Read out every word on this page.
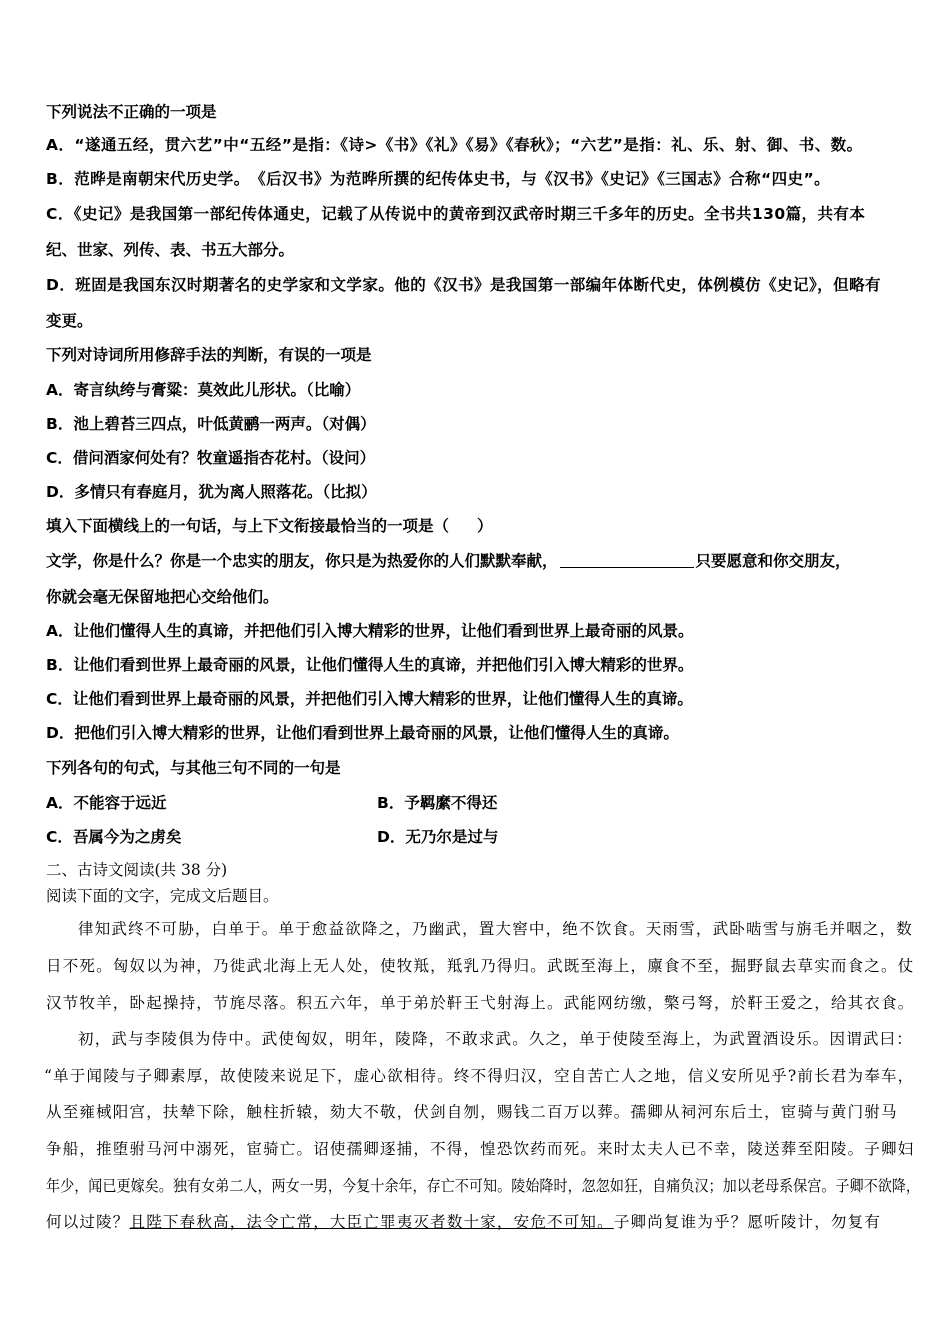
下列说法不正确的一项是
A．“遂通五经，贯六艺”中“五经”是指：《诗>《书》《礼》《易》《春秋》；“六艺”是指：礼、乐、射、御、书、数。
B．范晔是南朝宋代历史学。　《后汉书》为范晔所撰的纪传体史书，与《汉书》《史记》《三国志》合称“四史”。
C．《史记》是我国第一部纪传体通史，记载了从传说中的黄帝到汉武帝时期三千多年的历史。全书共130篇，共有本
纪、世家、列传、表、书五大部分。
D．班固是我国东汉时期著名的史学家和文学家。他的《汉书》是我国第一部编年体断代史，体例模仿《史记》，但略有
变更。
下列对诗词所用修辞手法的判断，有误的一项是
A．寄言纨绔与膏粱：莫效此儿形状。（比喻）
B．池上碧苔三四点，叶低黄鹂一两声。（对偶）
C．借问酒家何处有？牧童遥指杏花村。（设问）
D．多情只有春庭月，犹为离人照落花。（比拟）
填入下面横线上的一句话，与上下文衔接最恰当的一项是（ ）
文学，你是什么？你是一个忠实的朋友，你只是为热爱你的人们默默奉献，	只要愿意和你交朋友，
你就会毫无保留地把心交给他们。
A．让他们懂得人生的真谛，并把他们引入博大精彩的世界，让他们看到世界上最奇丽的风景。
B．让他们看到世界上最奇丽的风景，让他们懂得人生的真谛，并把他们引入博大精彩的世界。
C．让他们看到世界上最奇丽的风景，并把他们引入博大精彩的世界，让他们懂得人生的真谛。
D．把他们引入博大精彩的世界，让他们看到世界上最奇丽的风景，让他们懂得人生的真谛。
下列各句的句式，与其他三句不同的一句是
A．不能容于远近	B．予羁縻不得还
C．吾属今为之虏矣	D．无乃尔是过与
二、古诗文阅读(共 38 分)
阅读下面的文字，完成文后题目。
律知武终不可胁，白单于。单于愈益欲降之，乃幽武，置大窖中，绝不饮食。天雨雪，武卧啮雪与旃毛并咽之，数
日不死。匈奴以为神，乃徙武北海上无人处，使牧羝，羝乳乃得归。武既至海上，廪食不至，掘野鼠去草实而食之。仗
汉节牧羊，卧起操持，节旄尽落。积五六年，单于弟於靬王弋射海上。武能网纺缴，檠弓弩，於靬王爱之，给其衣食。
初，武与李陵俱为侍中。武使匈奴，明年，陵降，不敢求武。久之，单于使陵至海上，为武置酒设乐。因谓武曰：
“单于闻陵与子卿素厚，故使陵来说足下，虚心欲相待。终不得归汉，空自苦亡人之地，信义安所见乎?前长君为奉车，
从至雍棫阳宫，扶辇下除，触柱折辕，劾大不敬，伏剑自刎，赐钱二百万以葬。孺卿从祠河东后土，宦骑与黄门驸马
争船，推堕驸马河中溺死，宦骑亡。诏使孺卿逐捕，不得，惶恐饮药而死。来时太夫人已不幸，陵送葬至阳陵。子卿妇
年少，闻已更嫁矣。独有女弟二人，两女一男，今复十余年，存亡不可知。陵始降时，忽忽如狂，自痛负汉；加以老母系保宫。子卿不欲降，
何以过陵？且陛下春秋高，法令亡常，大臣亡罪夷灭者数十家，安危不可知。子卿尚复谁为乎？愿听陵计，勿复有
